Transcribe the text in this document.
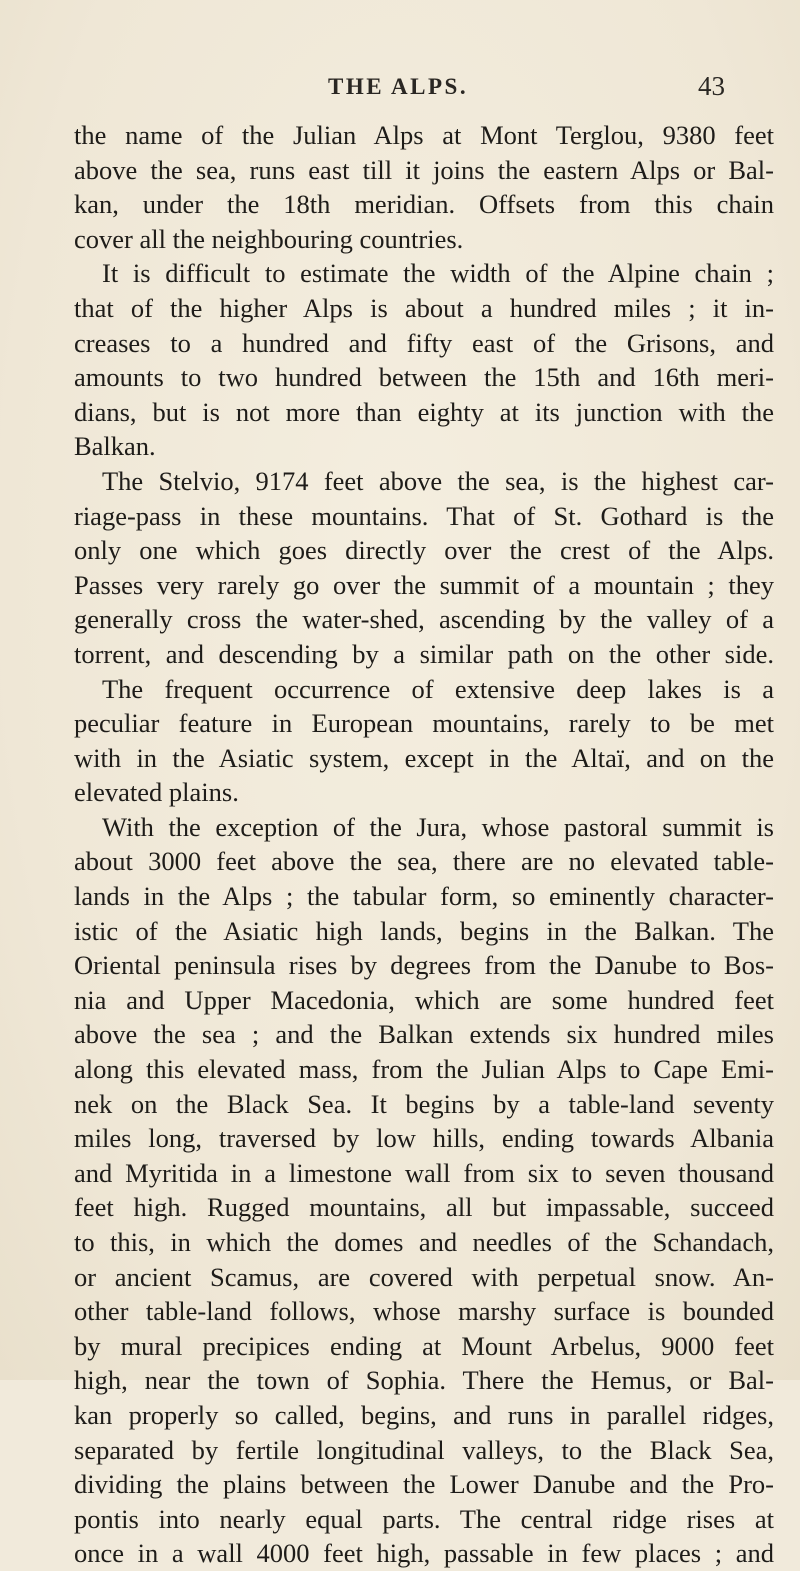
THE ALPS.	43
the name of the Julian Alps at Mont Terglou, 9380 feet
above the sea, runs east till it joins the eastern Alps or Bal-
kan, under the 18th meridian. Offsets from this chain
cover all the neighbouring countries.
It is difficult to estimate the width of the Alpine chain ;
that of the higher Alps is about a hundred miles ; it in-
creases to a hundred and fifty east of the Grisons, and
amounts to two hundred between the 15th and 16th meri-
dians, but is not more than eighty at its junction with the
Balkan.
The Stelvio, 9174 feet above the sea, is the highest car-
riage-pass in these mountains. That of St. Gothard is the
only one which goes directly over the crest of the Alps.
Passes very rarely go over the summit of a mountain ; they
generally cross the water-shed, ascending by the valley of a
torrent, and descending by a similar path on the other side.
The frequent occurrence of extensive deep lakes is a
peculiar feature in European mountains, rarely to be met
with in the Asiatic system, except in the Altaï, and on the
elevated plains.
With the exception of the Jura, whose pastoral summit is
about 3000 feet above the sea, there are no elevated table-
lands in the Alps ; the tabular form, so eminently character-
istic of the Asiatic high lands, begins in the Balkan. The
Oriental peninsula rises by degrees from the Danube to Bos-
nia and Upper Macedonia, which are some hundred feet
above the sea ; and the Balkan extends six hundred miles
along this elevated mass, from the Julian Alps to Cape Emi-
nek on the Black Sea. It begins by a table-land seventy
miles long, traversed by low hills, ending towards Albania
and Myritida in a limestone wall from six to seven thousand
feet high. Rugged mountains, all but impassable, succeed
to this, in which the domes and needles of the Schandach,
or ancient Scamus, are covered with perpetual snow. An-
other table-land follows, whose marshy surface is bounded
by mural precipices ending at Mount Arbelus, 9000 feet
high, near the town of Sophia. There the Hemus, or Bal-
kan properly so called, begins, and runs in parallel ridges,
separated by fertile longitudinal valleys, to the Black Sea,
dividing the plains between the Lower Danube and the Pro-
pontis into nearly equal parts. The central ridge rises at
once in a wall 4000 feet high, passable in few places ; and
